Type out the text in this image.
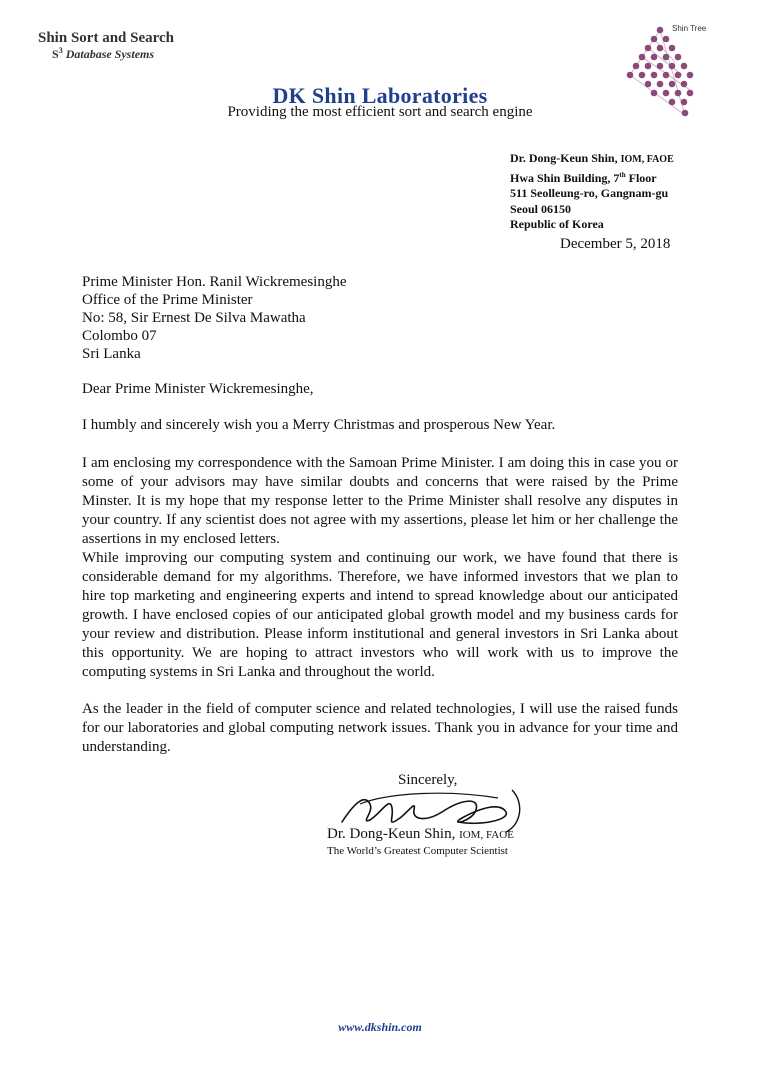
Shin Sort and Search
$S^3$ Database Systems
DK Shin Laboratories
Providing the most efficient sort and search engine
Shin Tree
Dr. Dong-Keun Shin, IOM, FAOE
Hwa Shin Building, 7th Floor
511 Seolleung-ro, Gangnam-gu
Seoul 06150
Republic of Korea
December 5, 2018
Prime Minister Hon. Ranil Wickremesinghe
Office of the Prime Minister
No: 58, Sir Ernest De Silva Mawatha
Colombo 07
Sri Lanka
Dear Prime Minister Wickremesinghe,
I humbly and sincerely wish you a Merry Christmas and prosperous New Year.
I am enclosing my correspondence with the Samoan Prime Minister. I am doing this in case you or some of your advisors may have similar doubts and concerns that were raised by the Prime Minster. It is my hope that my response letter to the Prime Minister shall resolve any disputes in your country. If any scientist does not agree with my assertions, please let him or her challenge the assertions in my enclosed letters.
While improving our computing system and continuing our work, we have found that there is considerable demand for my algorithms. Therefore, we have informed investors that we plan to hire top marketing and engineering experts and intend to spread knowledge about our anticipated growth. I have enclosed copies of our anticipated global growth model and my business cards for your review and distribution. Please inform institutional and general investors in Sri Lanka about this opportunity. We are hoping to attract investors who will work with us to improve the computing systems in Sri Lanka and throughout the world.
As the leader in the field of computer science and related technologies, I will use the raised funds for our laboratories and global computing network issues. Thank you in advance for your time and understanding.
Sincerely,
Dr. Dong-Keun Shin, IOM, FAOE
The World’s Greatest Computer Scientist
www.dkshin.com
